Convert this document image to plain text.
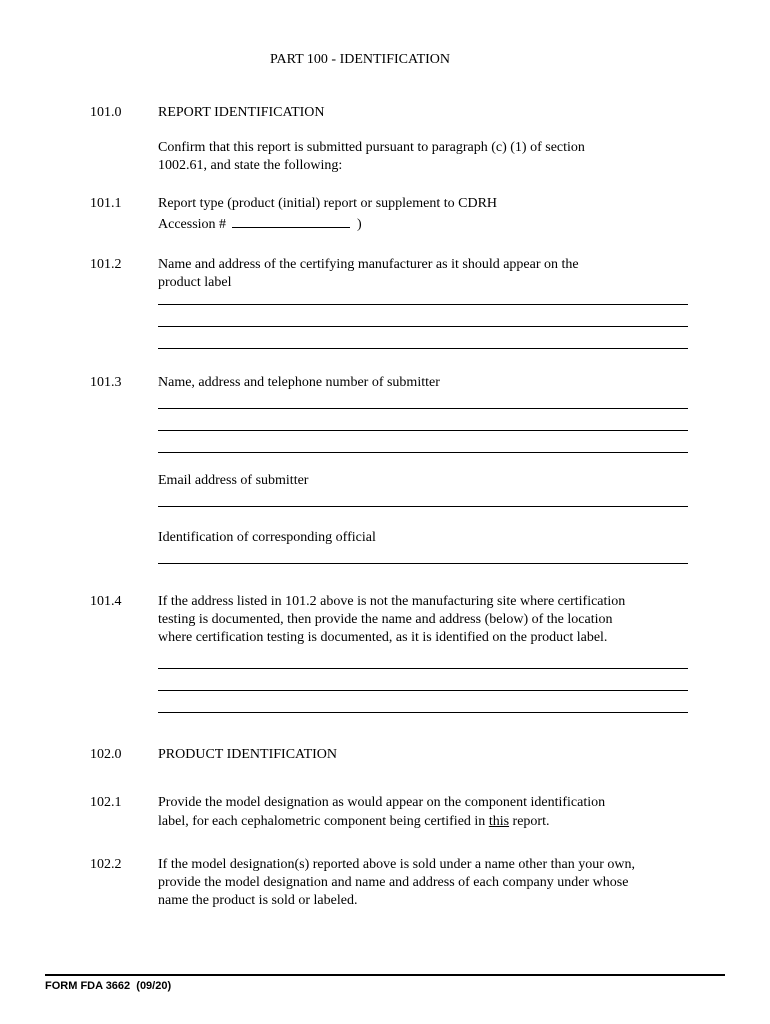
PART 100 - IDENTIFICATION
101.0	REPORT IDENTIFICATION
Confirm that this report is submitted pursuant to paragraph (c) (1) of section
1002.61, and state the following:
101.1	Report type (product (initial) report or supplement to CDRH
Accession #	)
101.2	Name and address of the certifying manufacturer as it should appear on the
product label
101.3	Name, address and telephone number of submitter
Email address of submitter
Identification of corresponding official
101.4	If the address listed in 101.2 above is not the manufacturing site where certification
testing is documented, then provide the name and address (below) of the location
where certification testing is documented, as it is identified on the product label.
102.0	PRODUCT IDENTIFICATION
102.1	Provide the model designation as would appear on the component identification
label, for each cephalometric component being certified in this report.
102.2	If the model designation(s) reported above is sold under a name other than your own,
provide the model designation and name and address of each company under whose
name the product is sold or labeled.
FORM FDA 3662  (09/20)
